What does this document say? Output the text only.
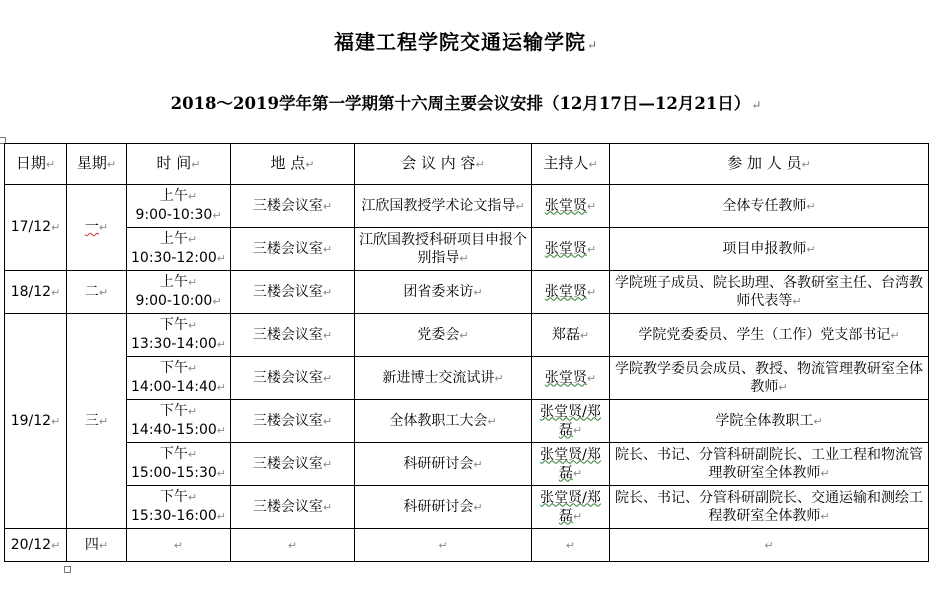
福建工程学院交通运输学院↵
2018～2019学年第一学期第十六周主要会议安排（12月17日—12月21日）↵
日期↵	星期↵	时 间↵	地 点↵	会 议 内 容↵	主持人↵	参 加 人 员↵
17/12↵	一↵	上午↵
9:00-10:30↵	三楼会议室↵	江欣国教授学术论文指导↵	张堂贤↵	全体专任教师↵
		上午↵
10:30-12:00↵	三楼会议室↵	江欣国教授科研项目申报个别指导↵	张堂贤↵	项目申报教师↵
18/12↵	二↵	上午↵
9:00-10:00↵	三楼会议室↵	团省委来访↵	张堂贤↵	学院班子成员、院长助理、各教研室主任、台湾教师代表等↵
19/12↵	三↵	下午↵
13:30-14:00↵	三楼会议室↵	党委会↵	郑磊↵	学院党委委员、学生（工作）党支部书记↵
		下午↵
14:00-14:40↵	三楼会议室↵	新进博士交流试讲↵	张堂贤↵	学院教学委员会成员、教授、物流管理教研室全体教师↵
		下午↵
14:40-15:00↵	三楼会议室↵	全体教职工大会↵	张堂贤/郑磊↵	学院全体教职工↵
		下午↵
15:00-15:30↵	三楼会议室↵	科研研讨会↵	张堂贤/郑磊↵	院长、书记、分管科研副院长、工业工程和物流管理教研室全体教师↵
		下午↵
15:30-16:00↵	三楼会议室↵	科研研讨会↵	张堂贤/郑磊↵	院长、书记、分管科研副院长、交通运输和测绘工程教研室全体教师↵
20/12↵	四↵	↵	↵	↵	↵	↵
